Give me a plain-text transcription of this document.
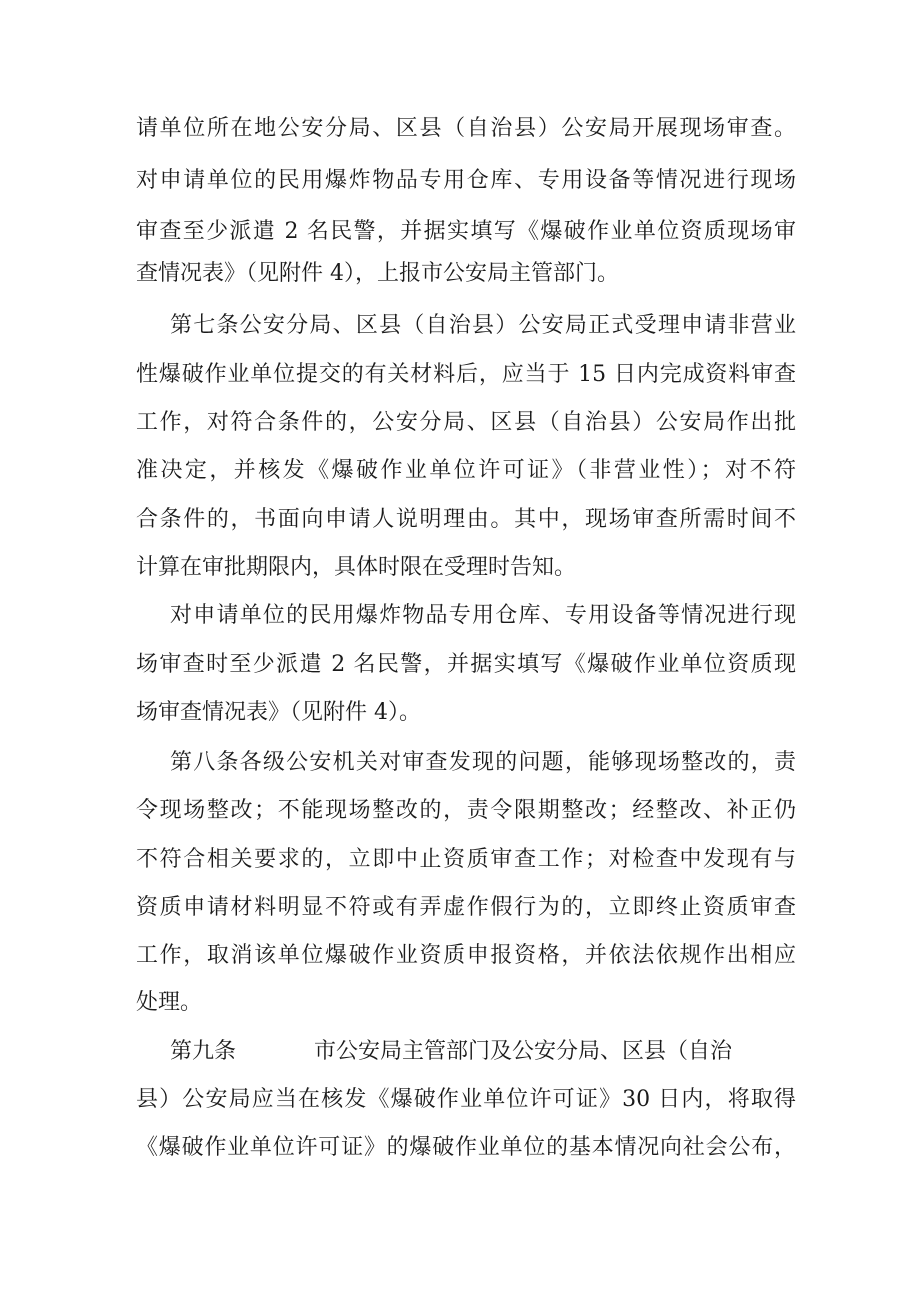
请单位所在地公安分局、区县（自治县）公安局开展现场审查。
对申请单位的民用爆炸物品专用仓库、专用设备等情况进行现场
审查至少派遣 2 名民警，并据实填写《爆破作业单位资质现场审
查情况表》（见附件 4），上报市公安局主管部门。
第七条公安分局、区县（自治县）公安局正式受理申请非营业
性爆破作业单位提交的有关材料后，应当于 15 日内完成资料审查
工作，对符合条件的，公安分局、区县（自治县）公安局作出批
准决定，并核发《爆破作业单位许可证》（非营业性）；对不符
合条件的，书面向申请人说明理由。其中，现场审查所需时间不
计算在审批期限内，具体时限在受理时告知。
对申请单位的民用爆炸物品专用仓库、专用设备等情况进行现
场审查时至少派遣 2 名民警，并据实填写《爆破作业单位资质现
场审查情况表》（见附件 4）。
第八条各级公安机关对审查发现的问题，能够现场整改的，责
令现场整改；不能现场整改的，责令限期整改；经整改、补正仍
不符合相关要求的，立即中止资质审查工作；对检查中发现有与
资质申请材料明显不符或有弄虚作假行为的，立即终止资质审查
工作，取消该单位爆破作业资质申报资格，并依法依规作出相应
处理。
第九条	市公安局主管部门及公安分局、区县（自治
县）公安局应当在核发《爆破作业单位许可证》30 日内，将取得
《爆破作业单位许可证》的爆破作业单位的基本情况向社会公布，
